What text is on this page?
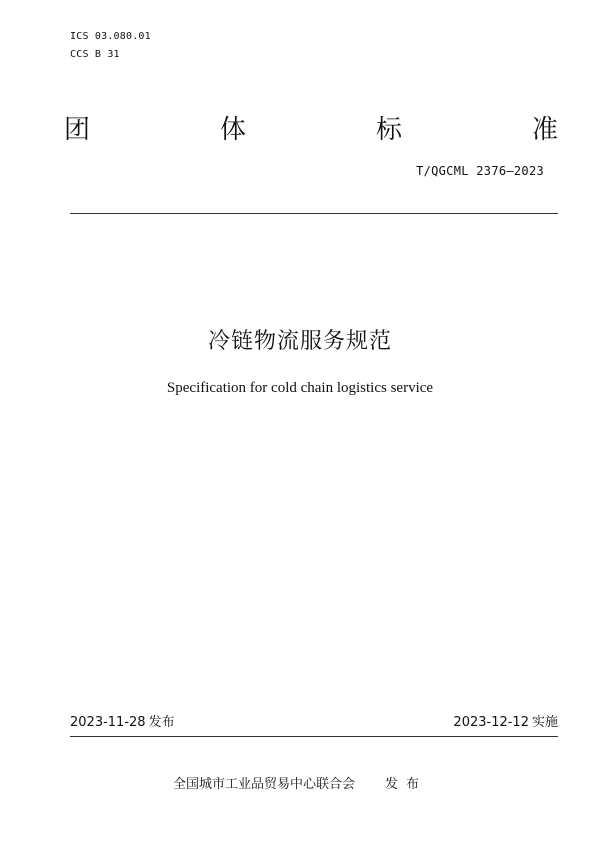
ICS 03.080.01
CCS B 31
团	体	标	准
T/QGCML 2376—2023
冷链物流服务规范
Specification for cold chain logistics service
2023-11-28 发布	2023-12-12 实施
全国城市工业品贸易中心联合会 发布
